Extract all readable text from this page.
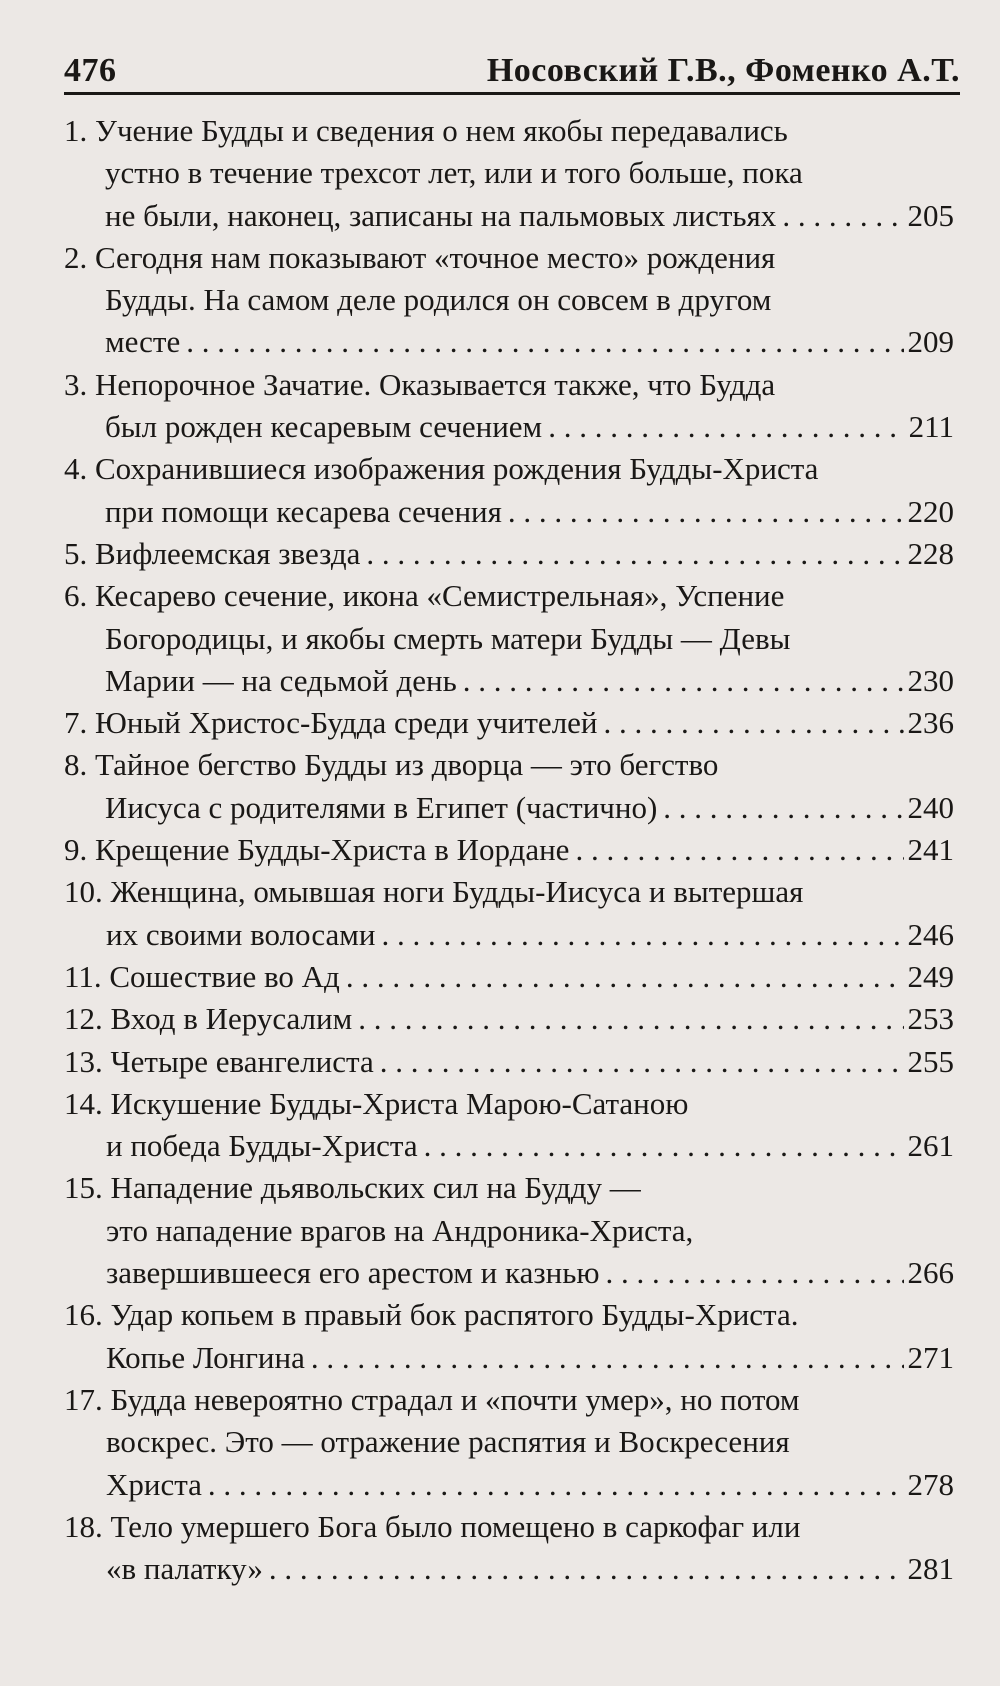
476	Носовский Г.В., Фоменко А.Т.
1. Учение Будды и сведения о нем якобы передавались
устно в течение трехсот лет, или и того больше, пока
не были, наконец, записаны на пальмовых листьях . . .	205
2. Сегодня нам показывают «точное место» рождения
Будды. На самом деле родился он совсем в другом
месте . . .	209
3. Непорочное Зачатие. Оказывается также, что Будда
был рожден кесаревым сечением . . .	211
4. Сохранившиеся изображения рождения Будды-Христа
при помощи кесарева сечения . . .	220
5. Вифлеемская звезда . . .	228
6. Кесарево сечение, икона «Семистрельная», Успение
Богородицы, и якобы смерть матери Будды — Девы
Марии — на седьмой день . . .	230
7. Юный Христос-Будда среди учителей . . .	236
8. Тайное бегство Будды из дворца — это бегство
Иисуса с родителями в Египет (частично) . . .	240
9. Крещение Будды-Христа в Иордане . . .	241
10. Женщина, омывшая ноги Будды-Иисуса и вытершая
их своими волосами . . .	246
11. Сошествие во Ад . . .	249
12. Вход в Иерусалим . . .	253
13. Четыре евангелиста . . .	255
14. Искушение Будды-Христа Марою-Сатаною
и победа Будды-Христа . . .	261
15. Нападение дьявольских сил на Будду —
это нападение врагов на Андроника-Христа,
завершившееся его арестом и казнью . . .	266
16. Удар копьем в правый бок распятого Будды-Христа.
Копье Лонгина . . .	271
17. Будда невероятно страдал и «почти умер», но потом
воскрес. Это — отражение распятия и Воскресения
Христа . . .	278
18. Тело умершего Бога было помещено в саркофаг или
«в палатку» . . .	281
